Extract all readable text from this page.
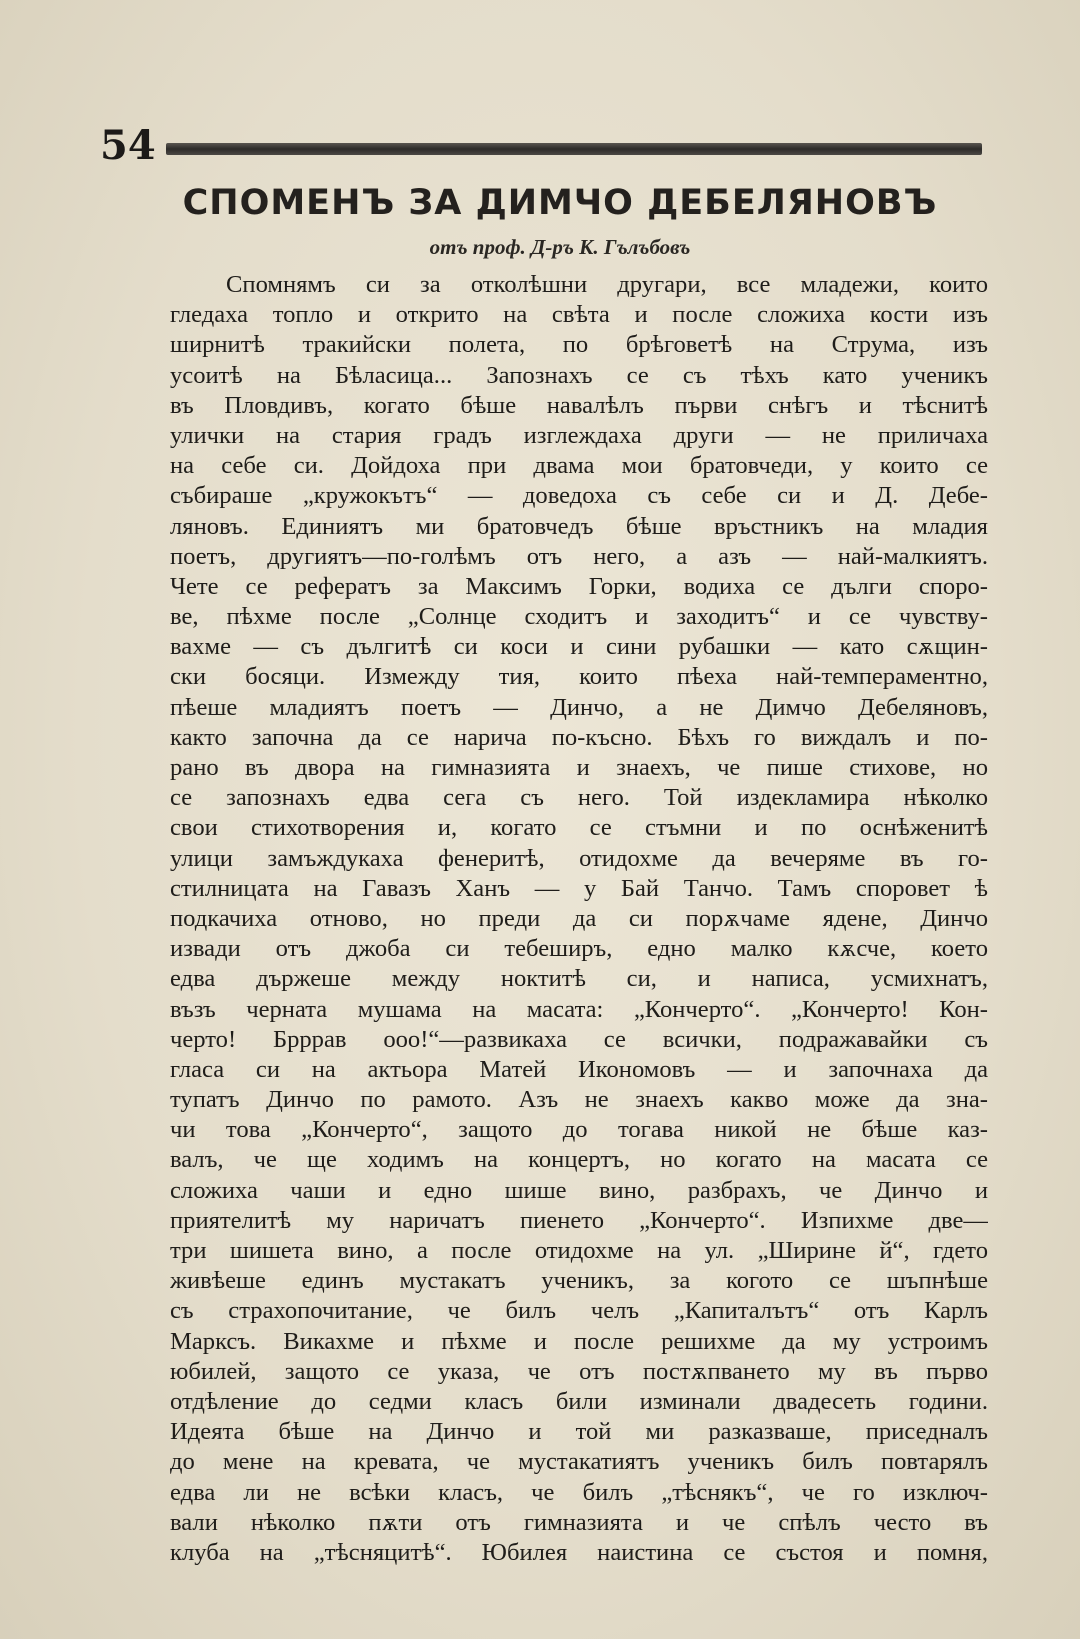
54
СПОМЕНЪ ЗА ДИМЧО ДЕБЕЛЯНОВЪ

отъ проф. Д-ръ К. Гълъбовъ

Спомнямъ си за отколѣшни другари, все младежи, които
гледаха топло и открито на свѣта и после сложиха кости изъ
ширнитѣ тракийски полета, по брѣговетѣ на Струма, изъ
усоитѣ на Бѣласица... Запознахъ се съ тѣхъ като ученикъ
въ Пловдивъ, когато бѣше навалѣлъ първи снѣгъ и тѣснитѣ
улички на стария градъ изглеждаха други — не приличаха
на себе си. Дойдоха при двама мои братовчеди, у които се
събираше „кружокътъ“ — доведоха съ себе си и Д. Дебе-
ляновъ. Единиятъ ми братовчедъ бѣше връстникъ на младия
поетъ, другиятъ—по-голѣмъ отъ него, а азъ — най-малкиятъ.
Чете се рефератъ за Максимъ Горки, водиха се дълги споро-
ве, пѣхме после „Солнце сходитъ и заходитъ“ и се чувству-
вахме — съ дългитѣ си коси и сини рубашки — като сѫщин-
ски босяци. Измежду тия, които пѣеха най-темпераментно,
пѣеше младиятъ поетъ — Динчо, а не Димчо Дебеляновъ,
както започна да се нарича по-късно. Бѣхъ го виждалъ и по-
рано въ двора на гимназията и знаехъ, че пише стихове, но
се запознахъ едва сега съ него. Той издекламира нѣколко
свои стихотворения и, когато се стъмни и по оснѣженитѣ
улици замъждукаха фенеритѣ, отидохме да вечеряме въ го-
стилницата на Гавазъ Ханъ — у Бай Танчо. Тамъ споровет ѣ
подкачиха отново, но преди да си порѫчаме ядене, Динчо
извади отъ джоба си тебеширъ, едно малко кѫсче, което
едва държеше между ноктитѣ си, и написа, усмихнатъ,
възъ черната мушама на масата: „Кончерто“. „Кончерто! Кон-
черто! Брррав ооо!“—развикаха се всички, подражавайки съ
гласа си на актьора Матей Икономовъ — и започнаха да
тупатъ Динчо по рамото. Азъ не знаехъ какво може да зна-
чи това „Кончерто“, защото до тогава никой не бѣше каз-
валъ, че ще ходимъ на концертъ, но когато на масата се
сложиха чаши и едно шише вино, разбрахъ, че Динчо и
приятелитѣ му наричатъ пиенето „Кончерто“. Изпихме две—
три шишета вино, а после отидохме на ул. „Ширине й“, гдето
живѣеше единъ мустакатъ ученикъ, за когото се шъпнѣше
съ страхопочитание, че билъ челъ „Капиталътъ“ отъ Карлъ
Марксъ. Викахме и пѣхме и после решихме да му устроимъ
юбилей, защото се указа, че отъ постѫпването му въ първо
отдѣление до седми класъ били изминали двадесеть години.
Идеята бѣше на Динчо и той ми разказваше, приседналъ
до мене на кревата, че мустакатиятъ ученикъ билъ повтарялъ
едва ли не всѣки класъ, че билъ „тѣснякъ“, че го изключ-
вали нѣколко пѫти отъ гимназията и че спѣлъ често въ
клуба на „тѣсняцитѣ“. Юбилея наистина се състоя и помня,
